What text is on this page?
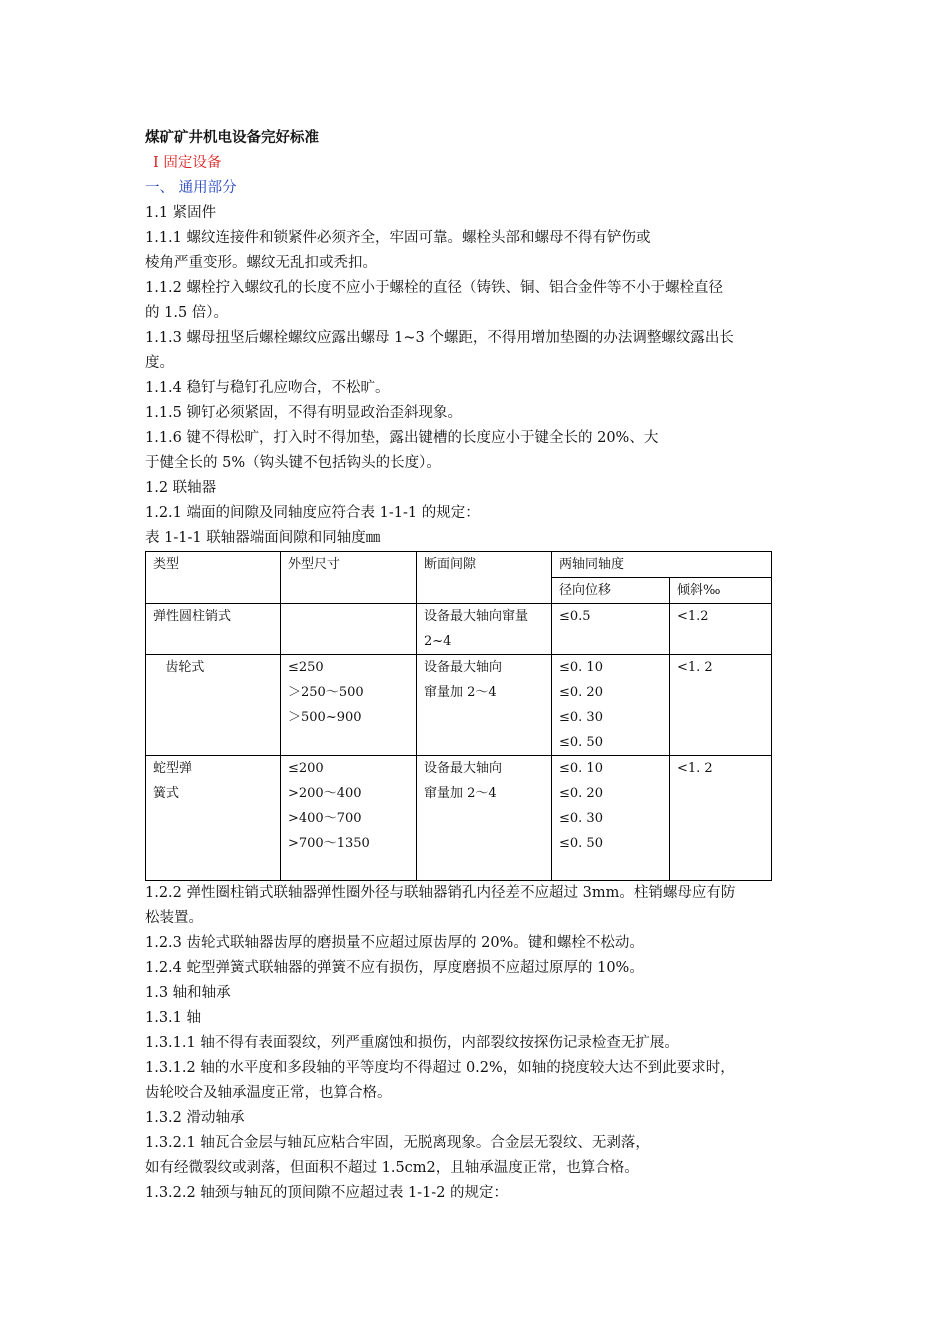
煤矿矿井机电设备完好标准
Ⅰ 固定设备
一、 通用部分
1.1 紧固件
1.1.1 螺纹连接件和锁紧件必须齐全，牢固可靠。螺栓头部和螺母不得有铲伤或
棱角严重变形。螺纹无乱扣或秃扣。
1.1.2 螺栓拧入螺纹孔的长度不应小于螺栓的直径（铸铁、铜、铝合金件等不小于螺栓直径
的 1.5 倍）。
1.1.3 螺母扭坚后螺栓螺纹应露出螺母 1~3 个螺距，不得用增加垫圈的办法调整螺纹露出长
度。
1.1.4 稳钉与稳钉孔应吻合，不松旷。
1.1.5 铆钉必须紧固，不得有明显政治歪斜现象。
1.1.6 键不得松旷，打入时不得加垫，露出键槽的长度应小于键全长的 20%、大
于健全长的 5%（钩头键不包括钩头的长度）。
1.2 联轴器
1.2.1 端面的间隙及同轴度应符合表 1-1-1 的规定：
表 1-1-1 联轴器端面间隙和同轴度㎜
类型	外型尺寸	断面间隙	两轴同轴度	
			径向位移	倾斜‰

弹性圆柱销式		设备最大轴向窜量
2~4	≤0.5	<1.2

齿轮式	≤250
＞250～500
＞500~900	设备最大轴向
窜量加 2～4	≤0. 10
≤0. 20
≤0. 30
≤0. 50	<1. 2

蛇型弹
簧式	≤200
>200～400
>400～700
>700～1350	设备最大轴向
窜量加 2～4	≤0. 10
≤0. 20
≤0. 30
≤0. 50	<1. 2
1.2.2 弹性圈柱销式联轴器弹性圈外径与联轴器销孔内径差不应超过 3mm。柱销螺母应有防
松装置。
1.2.3 齿轮式联轴器齿厚的磨损量不应超过原齿厚的 20%。键和螺栓不松动。
1.2.4 蛇型弹簧式联轴器的弹簧不应有损伤，厚度磨损不应超过原厚的 10%。
1.3 轴和轴承
1.3.1 轴
1.3.1.1 轴不得有表面裂纹，列严重腐蚀和损伤，内部裂纹按探伤记录检查无扩展。
1.3.1.2 轴的水平度和多段轴的平等度均不得超过 0.2%，如轴的挠度较大达不到此要求时，
齿轮咬合及轴承温度正常，也算合格。
1.3.2 滑动轴承
1.3.2.1 轴瓦合金层与轴瓦应粘合牢固，无脱离现象。合金层无裂纹、无剥落，
如有经微裂纹或剥落，但面积不超过 1.5cm2，且轴承温度正常，也算合格。
1.3.2.2 轴颈与轴瓦的顶间隙不应超过表 1-1-2 的规定：
